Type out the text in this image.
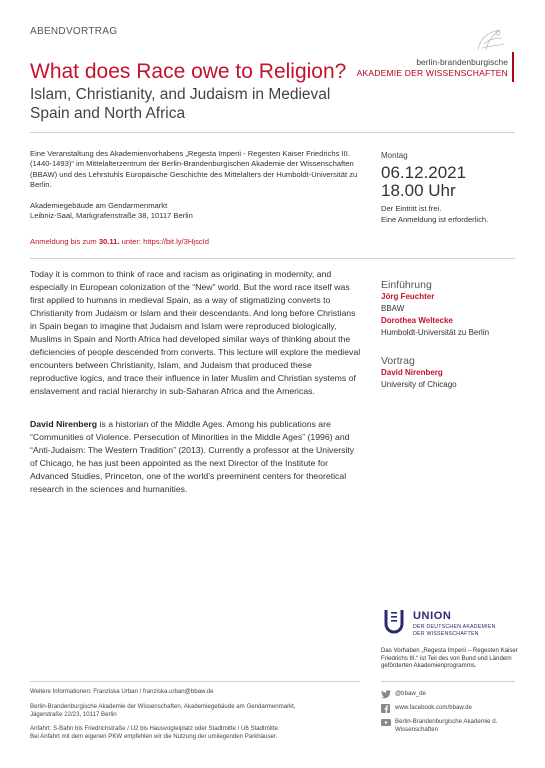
ABENDVORTRAG
berlin-brandenburgische
AKADEMIE DER WISSENSCHAFTEN
What does Race owe to Religion?
Islam, Christianity, and Judaism in Medieval Spain and North Africa
Eine Veranstaltung des Akademienvorhabens „Regesta Imperii - Regesten Kaiser Friedrichs III. (1440-1493)“ im Mittelalterzentrum der Berlin-Brandenburgischen Akademie der Wissenschaften (BBAW) und des Lehrstuhls Europäische Geschichte des Mittelalters der Humboldt-Universität zu Berlin.
Akademiegebäude am Gendarmenmarkt
Leibniz-Saal, Markgrafenstraße 38, 10117 Berlin
Anmeldung bis zum 30.11. unter: https://bit.ly/3HjscId
Montag
06.12.2021
18.00 Uhr
Der Eintritt ist frei.
Eine Anmeldung ist erforderlich.
Today it is common to think of race and racism as originating in modernity, and especially in European colonization of the “New” world. But the word race itself was first applied to humans in medieval Spain, as a way of stigmatizing converts to Christianity from Judaism or Islam and their descendants. And long before Christians in Spain began to imagine that Judaism and Islam were reproduced biologically, Muslims in Spain and North Africa had developed similar ways of thinking about the deficiencies of people descended from converts. This lecture will explore the medieval encounters between Christianity, Islam, and Judaism that produced these reproductive logics, and trace their influence in later Muslim and Christian systems of enslavement and racial hierarchy in sub-Saharan Africa and the Americas.
David Nirenberg is a historian of the Middle Ages. Among his publications are “Communities of Violence. Persecution of Minorities in the Middle Ages” (1996) and “Anti-Judaism: The Western Tradition” (2013). Currently a professor at the University of Chicago, he has just been appointed as the next Director of the Institute for Advanced Studies, Princeton, one of the world’s preeminent centers for theoretical research in the sciences and humanities.
Einführung
Jörg Feuchter
BBAW
Dorothea Weltecke
Humboldt-Universität zu Berlin
Vortrag
David Nirenberg
University of Chicago
UNION
DER DEUTSCHEN AKADEMIEN
DER WISSENSCHAFTEN
Das Vorhaben „Regesta Imperii – Regesten Kaiser Friedrichs III.“ ist Teil des von Bund und Ländern geförderten Akademienprogramms.
Weitere Informationen: Franziska Urban / franziska.urban@bbaw.de
Berlin-Brandenburgische Akademie der Wissenschaften, Akademiegebäude am Gendarmenmarkt,
Jägerstraße 22/23, 10117 Berlin
Anfahrt: S-Bahn bis Friedrichstraße / U2 bis Hausvogteiplatz oder Stadtmitte / U6 Stadtmitte.
Bei Anfahrt mit dem eigenen PKW empfehlen wir die Nutzung der umliegenden Parkhäuser.
@bbaw_de
www.facebook.com/bbaw.de
Berlin-Brandenburgische Akademie d.
Wissenschaften
